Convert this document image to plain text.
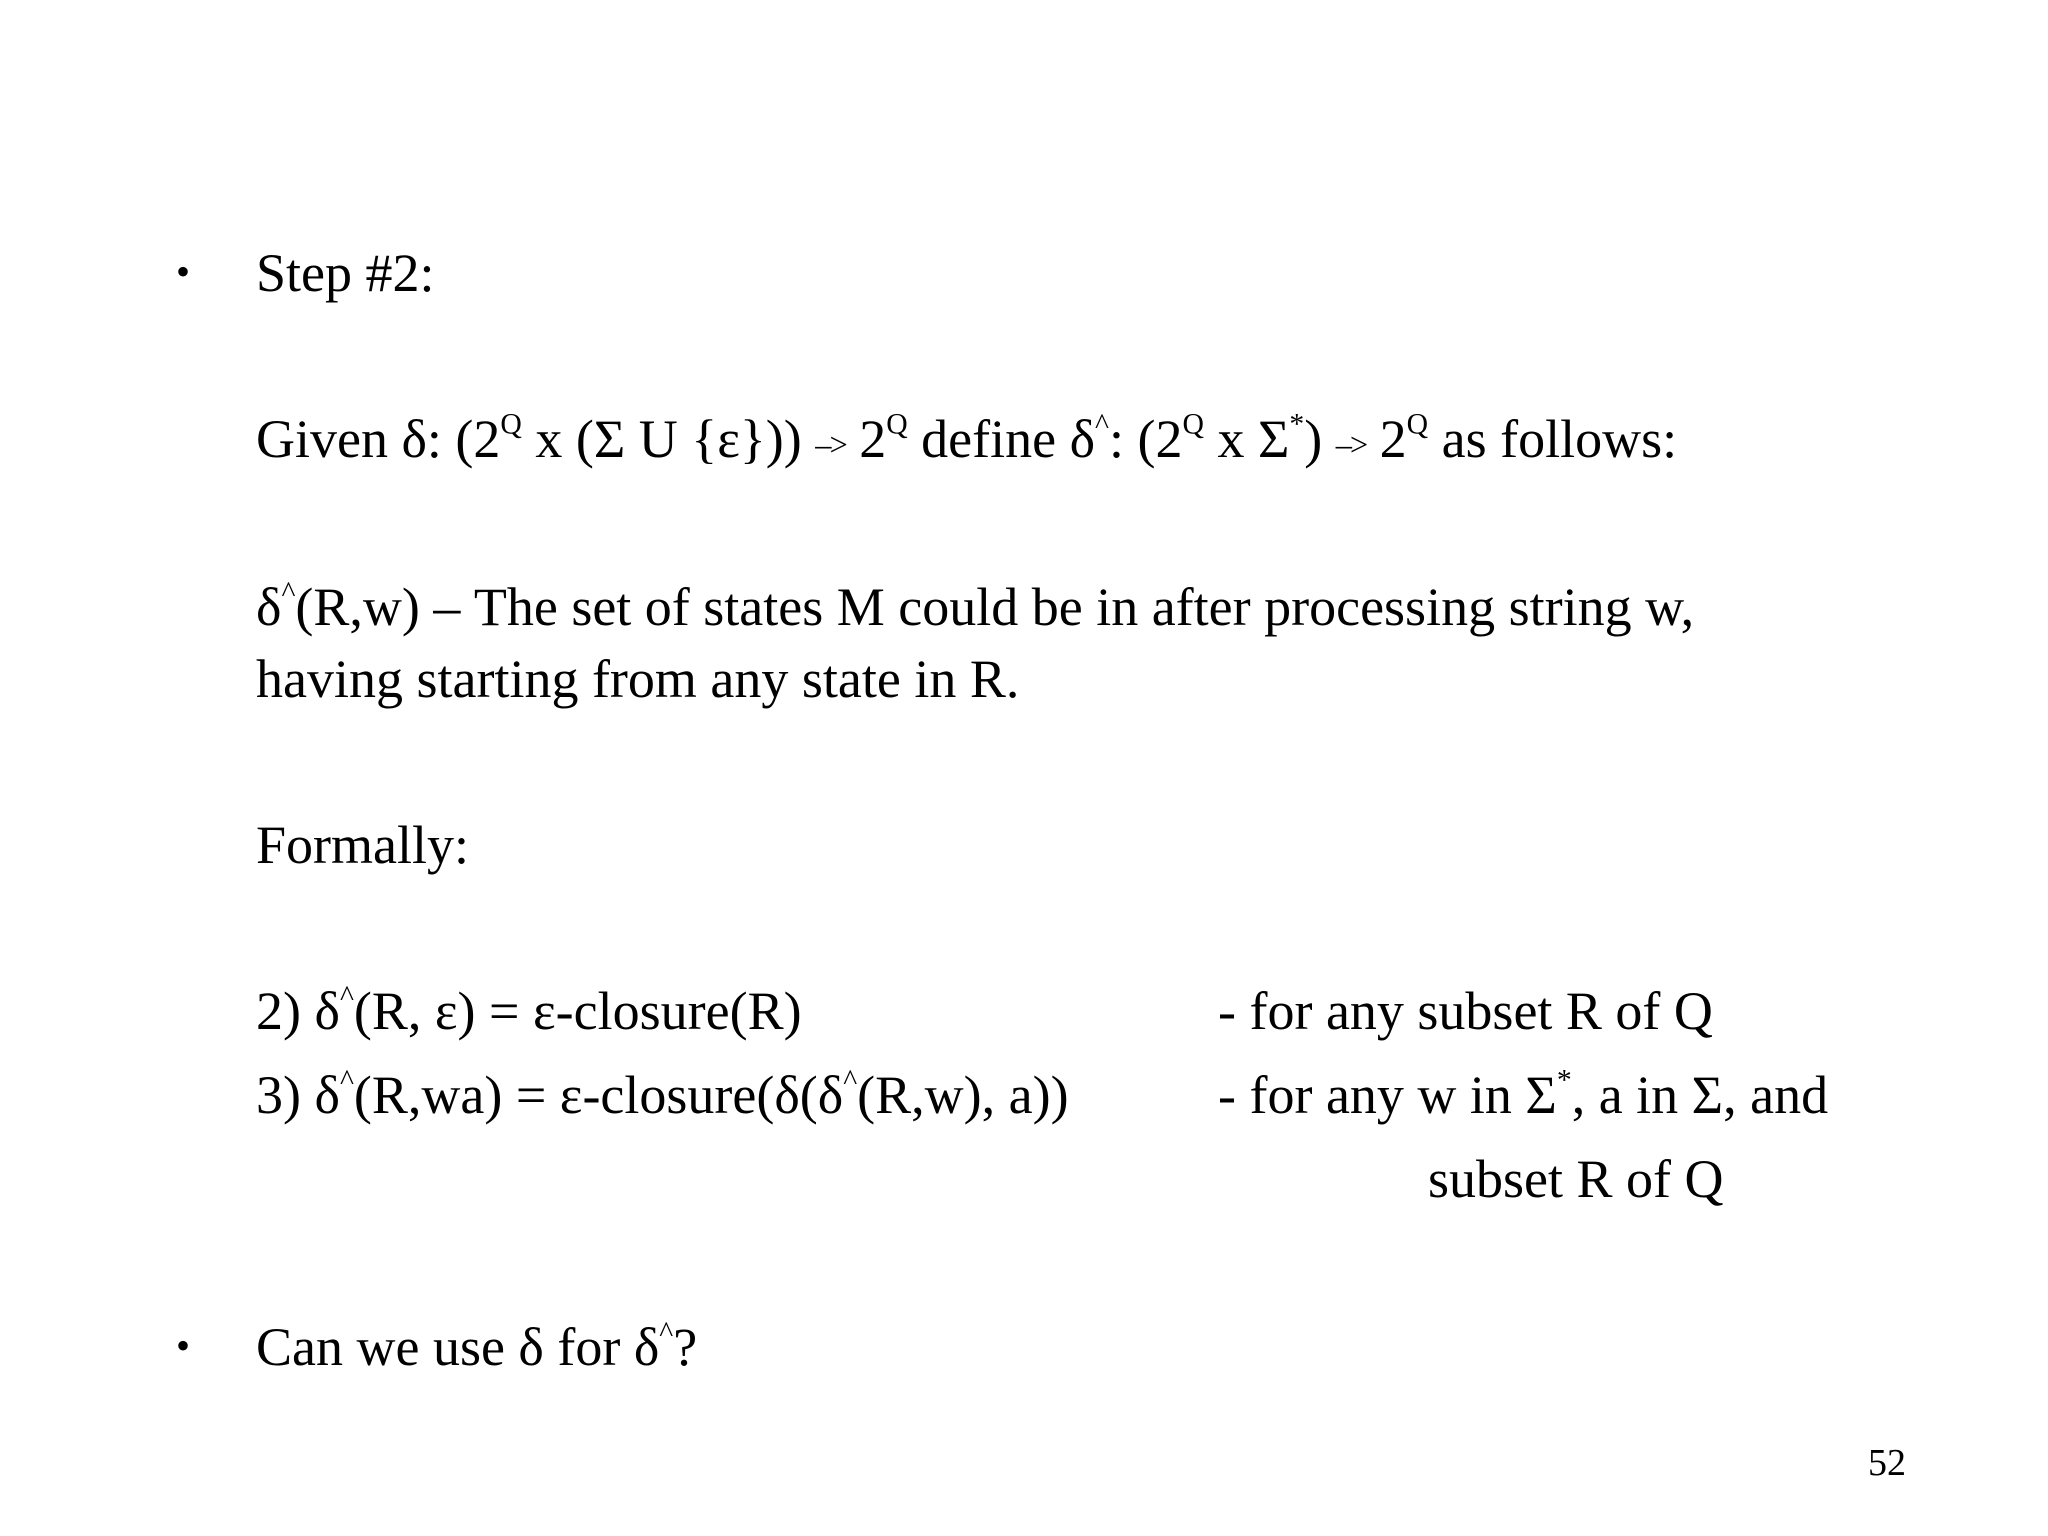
• Step #2:
Given δ: ($2^Q$ x (Σ U $\{\varepsilon\})) -> 2^Q$ define δ^: ($2^Q$ x $\Sigma^*) -> 2^Q$ as follows:
δ^(R,w) – The set of states M could be in after processing string w,
having starting from any state in R.
Formally:
2) δ^(R, ε) = ε-closure(R)	- for any subset R of Q
3) δ^(R,wa) = ε-closure(δ(δ^(R,w), a))	- for any w in Σ*, a in Σ, and
subset R of Q
• Can we use δ for δ^?
52
